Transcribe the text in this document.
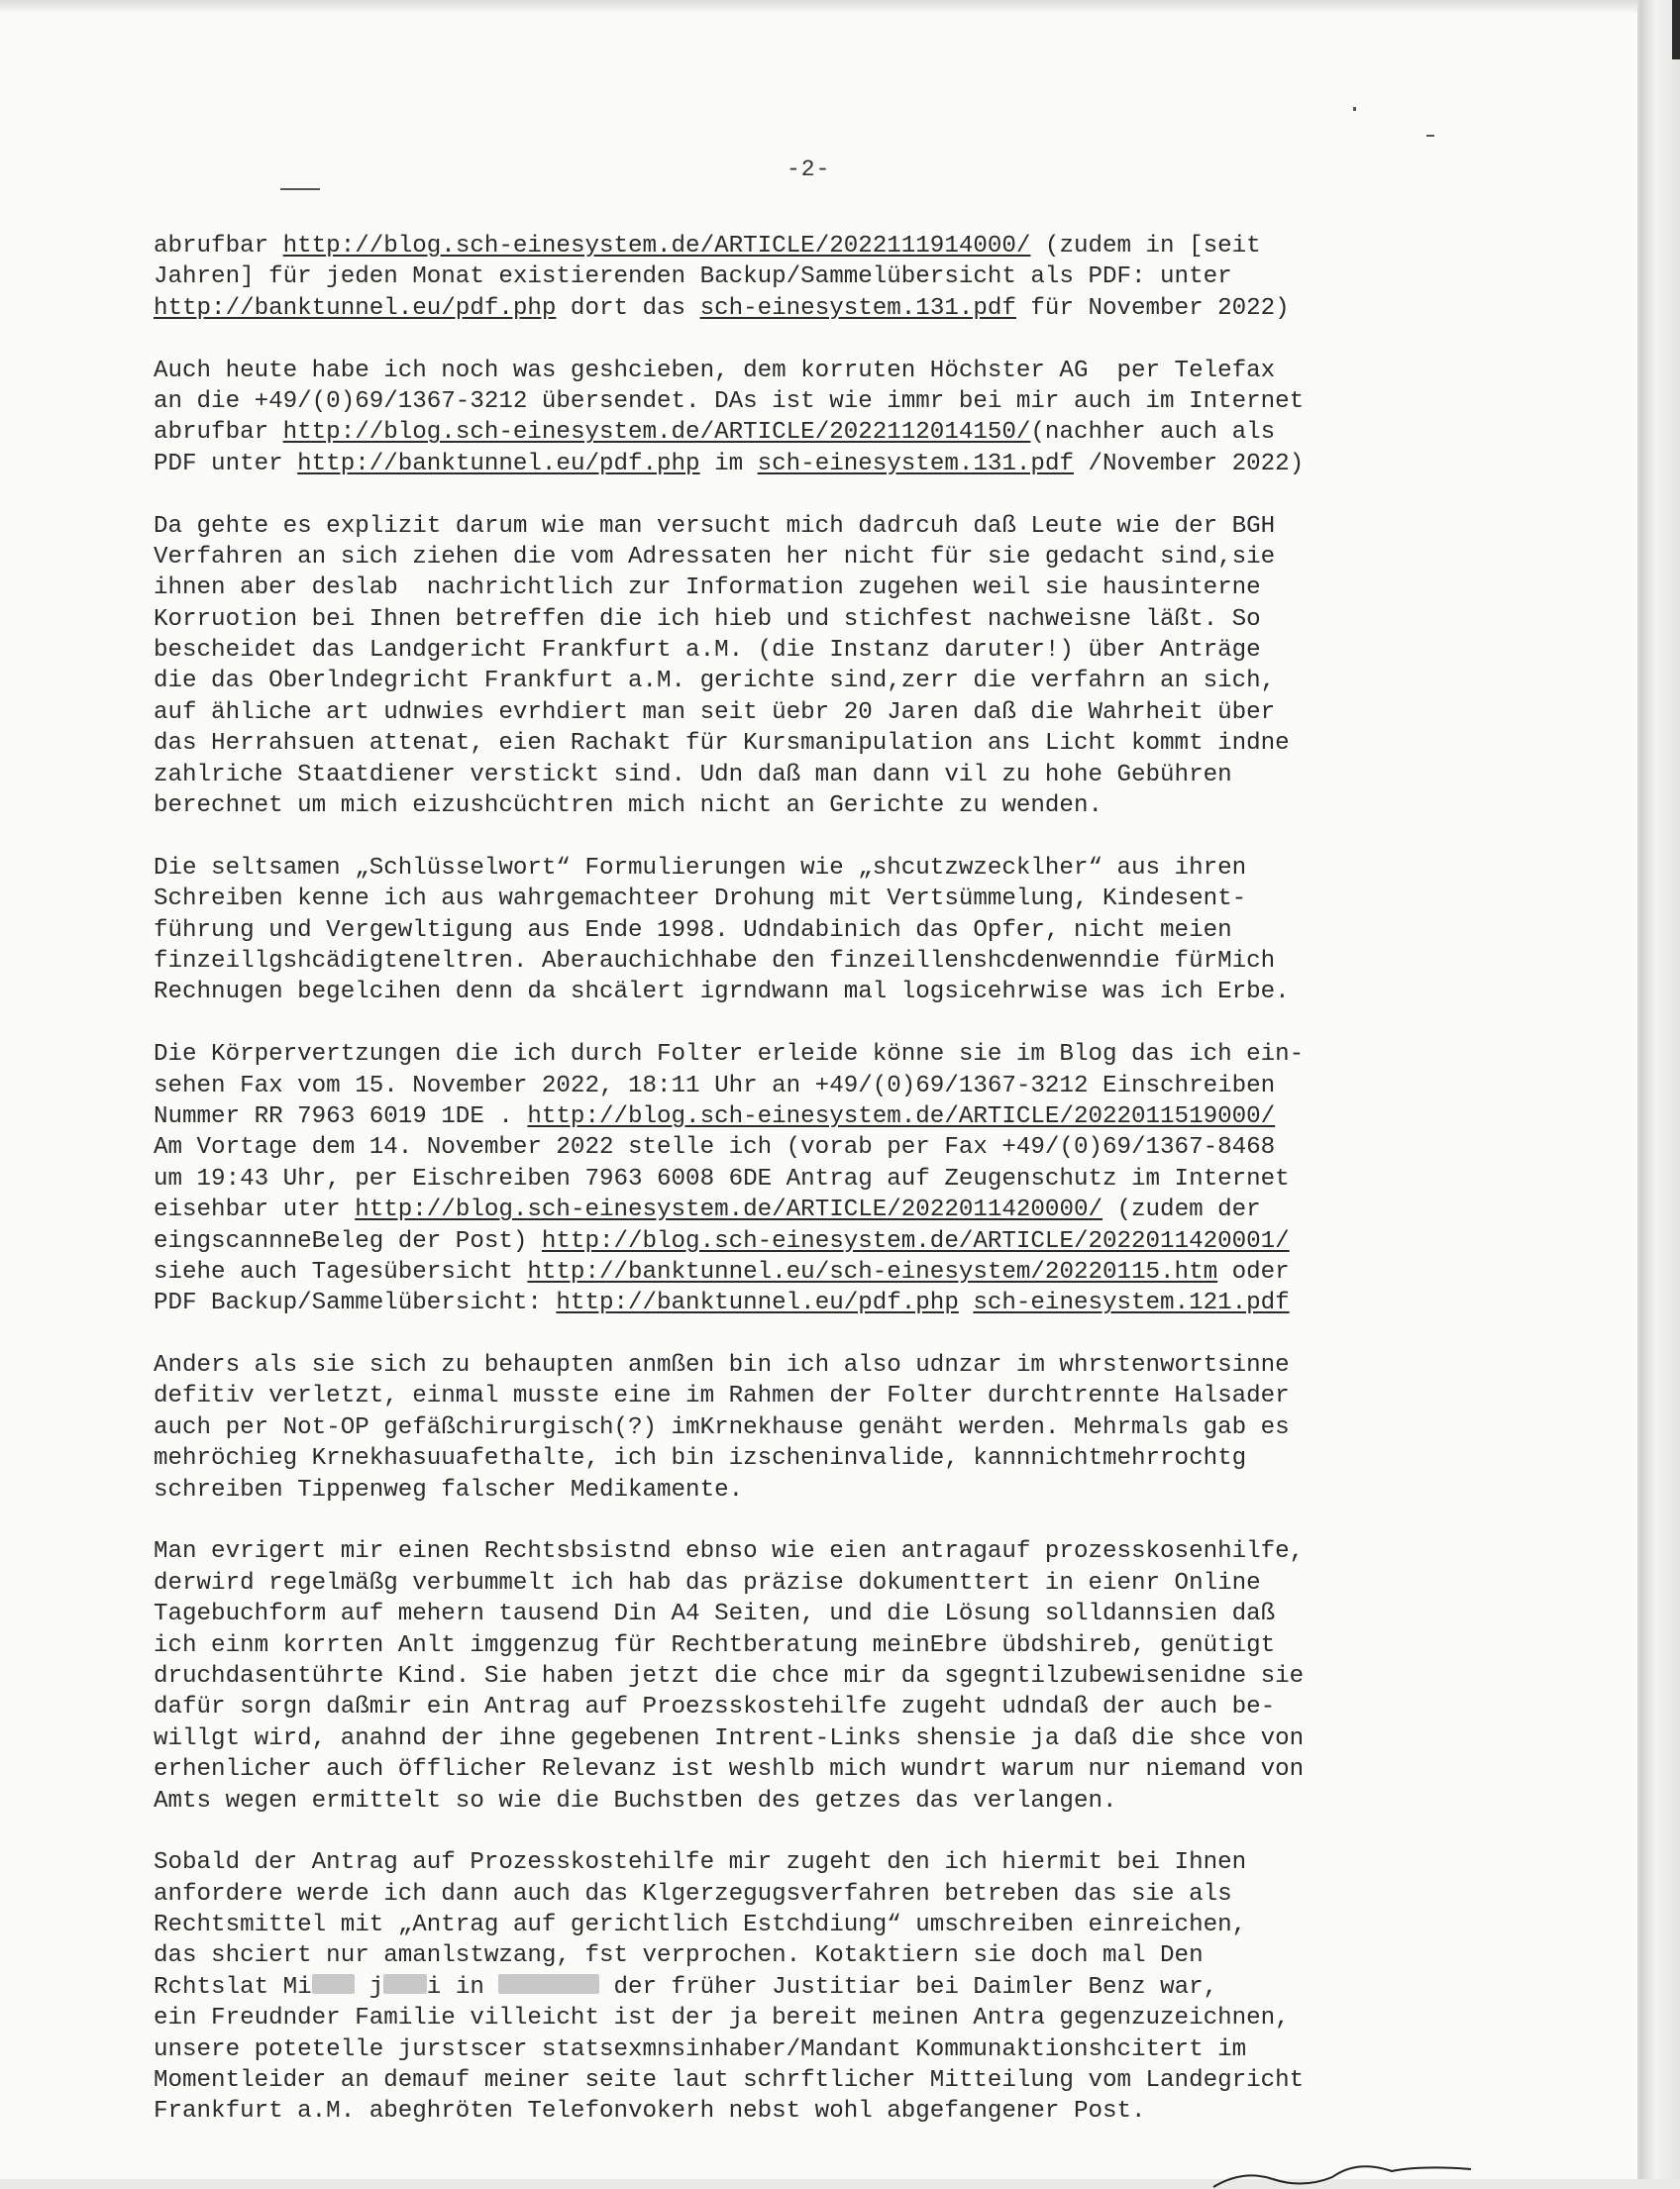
-2-
abrufbar http://blog.sch-einesystem.de/ARTICLE/2022111914000/ (zudem in [seit
Jahren] für jeden Monat existierenden Backup/Sammelübersicht als PDF: unter
http://banktunnel.eu/pdf.php dort das sch-einesystem.131.pdf für November 2022)
Auch heute habe ich noch was geshcieben, dem korruten Höchster AG  per Telefax
an die +49/(0)69/1367-3212 übersendet. DAs ist wie immr bei mir auch im Internet
abrufbar http://blog.sch-einesystem.de/ARTICLE/2022112014150/(nachher auch als
PDF unter http://banktunnel.eu/pdf.php im sch-einesystem.131.pdf /November 2022)
Da gehte es explizit darum wie man versucht mich dadrcuh daß Leute wie der BGH
Verfahren an sich ziehen die vom Adressaten her nicht für sie gedacht sind,sie
ihnen aber deslab  nachrichtlich zur Information zugehen weil sie hausinterne
Korruotion bei Ihnen betreffen die ich hieb und stichfest nachweisne läßt. So
bescheidet das Landgericht Frankfurt a.M. (die Instanz daruter!) über Anträge
die das Oberlndegricht Frankfurt a.M. gerichte sind,zerr die verfahrn an sich,
auf ähliche art udnwies evrhdiert man seit üebr 20 Jaren daß die Wahrheit über
das Herrahsuen attenat, eien Rachakt für Kursmanipulation ans Licht kommt indne
zahlriche Staatdiener verstickt sind. Udn daß man dann vil zu hohe Gebühren
berechnet um mich eizushcüchtren mich nicht an Gerichte zu wenden.
Die seltsamen „Schlüsselwort“ Formulierungen wie „shcutzwzecklher“ aus ihren
Schreiben kenne ich aus wahrgemachteer Drohung mit Vertsümmelung, Kindesent-
führung und Vergewltigung aus Ende 1998. Udndabinich das Opfer, nicht meien
finzeillgshcädigteneltren. Aberauchichhabe den finzeillenshcdenwenndie fürMich
Rechnugen begelcihen denn da shcälert igrndwann mal logsicehrwise was ich Erbe.
Die Körpervertzungen die ich durch Folter erleide könne sie im Blog das ich ein-
sehen Fax vom 15. November 2022, 18:11 Uhr an +49/(0)69/1367-3212 Einschreiben
Nummer RR 7963 6019 1DE . http://blog.sch-einesystem.de/ARTICLE/2022011519000/
Am Vortage dem 14. November 2022 stelle ich (vorab per Fax +49/(0)69/1367-8468
um 19:43 Uhr, per Eischreiben 7963 6008 6DE Antrag auf Zeugenschutz im Internet
eisehbar uter http://blog.sch-einesystem.de/ARTICLE/2022011420000/ (zudem der
eingscannneBeleg der Post) http://blog.sch-einesystem.de/ARTICLE/2022011420001/
siehe auch Tagesübersicht http://banktunnel.eu/sch-einesystem/20220115.htm oder
PDF Backup/Sammelübersicht: http://banktunnel.eu/pdf.php sch-einesystem.121.pdf
Anders als sie sich zu behaupten anmßen bin ich also udnzar im whrstenwortsinne
defitiv verletzt, einmal musste eine im Rahmen der Folter durchtrennte Halsader
auch per Not-OP gefäßchirurgisch(?) imKrnekhause genäht werden. Mehrmals gab es
mehröchieg Krnekhasuuafethalte, ich bin izscheninvalide, kannnichtmehrrochtg
schreiben Tippenweg falscher Medikamente.
Man evrigert mir einen Rechtsbsistnd ebnso wie eien antragauf prozesskosenhilfe,
derwird regelmäßg verbummelt ich hab das präzise dokumenttert in eienr Online
Tagebuchform auf mehern tausend Din A4 Seiten, und die Lösung solldannsien daß
ich einm korrten Anlt imggenzug für Rechtberatung meinEbre übdshireb, genütigt
druchdasentührte Kind. Sie haben jetzt die chce mir da sgegntilzubewisenidne sie
dafür sorgn daßmir ein Antrag auf Proezsskostehilfe zugeht udndaß der auch be-
willgt wird, anahnd der ihne gegebenen Intrent-Links shensie ja daß die shce von
erhenlicher auch öfflicher Relevanz ist weshlb mich wundrt warum nur niemand von
Amts wegen ermittelt so wie die Buchstben des getzes das verlangen.
Sobald der Antrag auf Prozesskostehilfe mir zugeht den ich hiermit bei Ihnen
anfordere werde ich dann auch das Klgerzegugsverfahren betreben das sie als
Rechtsmittel mit „Antrag auf gerichtlich Estchdiung“ umschreiben einreichen,
das shciert nur amanlstwzang, fst verprochen. Kotaktiern sie doch mal Den
Rchtslat Mi    j i in	der früher Justitiar bei Daimler Benz war,
ein Freudnder Familie villeicht ist der ja bereit meinen Antra gegenzuzeichnen,
unsere potetelle jurstscer statsexmnsinhaber/Mandant Kommunaktionshcitert im
Momentleider an demauf meiner seite laut schrftlicher Mitteilung vom Landegricht
Frankfurt a.M. abeghröten Telefonvokerh nebst wohl abgefangener Post.
